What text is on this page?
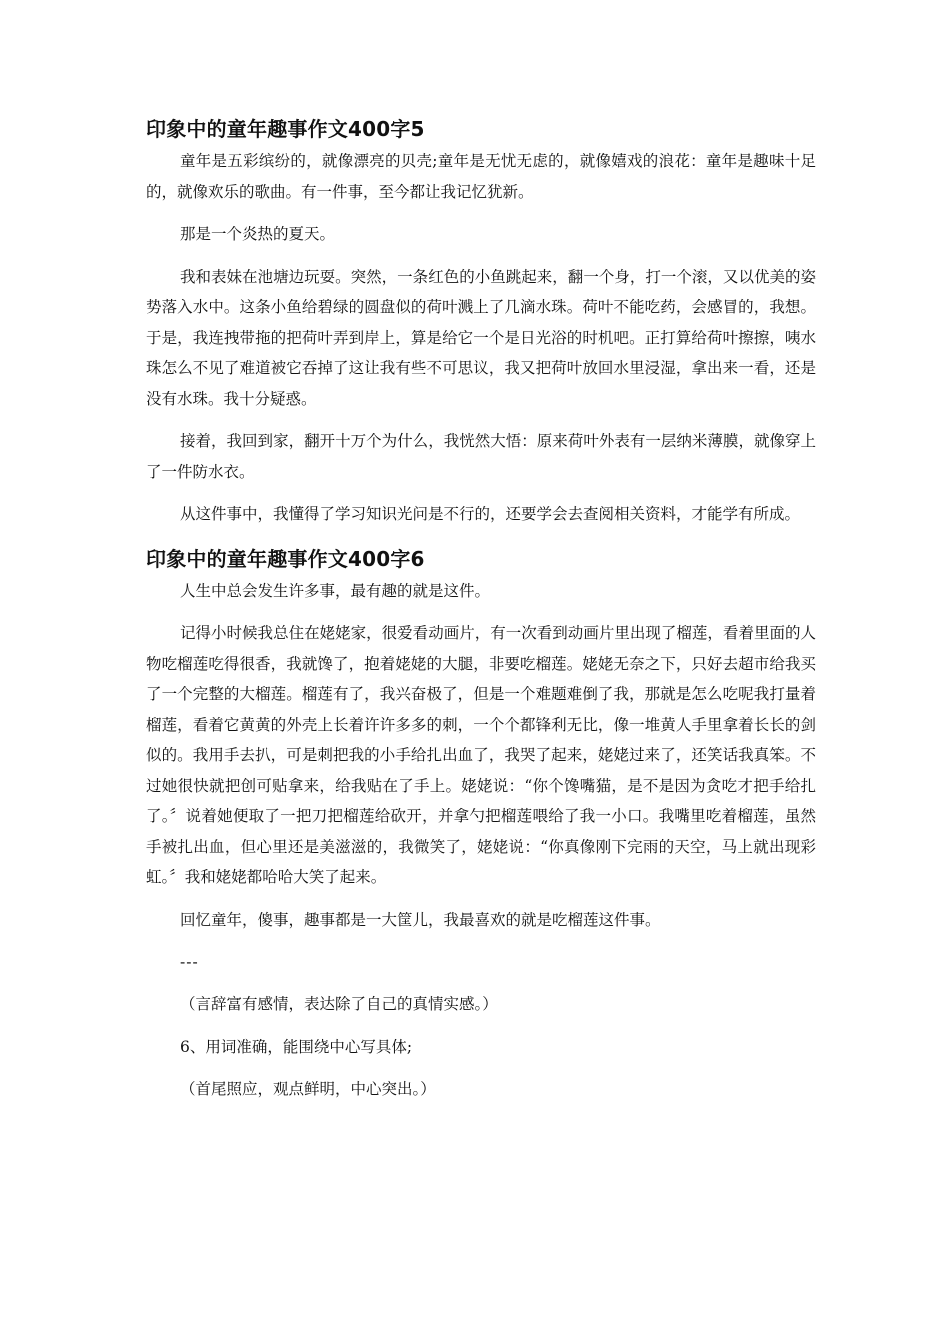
印象中的童年趣事作文400字5

童年是五彩缤纷的，就像漂亮的贝壳;童年是无忧无虑的，就像嬉戏的浪花：童年是趣味十足的，就像欢乐的歌曲。有一件事，至今都让我记忆犹新。

那是一个炎热的夏天。

我和表妹在池塘边玩耍。突然，一条红色的小鱼跳起来，翻一个身，打一个滚，又以优美的姿势落入水中。这条小鱼给碧绿的圆盘似的荷叶溅上了几滴水珠。荷叶不能吃药，会感冒的，我想。于是，我连拽带拖的把荷叶弄到岸上，算是给它一个是日光浴的时机吧。正打算给荷叶擦擦，咦水珠怎么不见了难道被它吞掉了这让我有些不可思议，我又把荷叶放回水里浸湿，拿出来一看，还是没有水珠。我十分疑惑。

接着，我回到家，翻开十万个为什么，我恍然大悟：原来荷叶外表有一层纳米薄膜，就像穿上了一件防水衣。

从这件事中，我懂得了学习知识光问是不行的，还要学会去查阅相关资料，才能学有所成。

印象中的童年趣事作文400字6

人生中总会发生许多事，最有趣的就是这件。

记得小时候我总住在姥姥家，很爱看动画片，有一次看到动画片里出现了榴莲，看着里面的人物吃榴莲吃得很香，我就馋了，抱着姥姥的大腿，非要吃榴莲。姥姥无奈之下，只好去超市给我买了一个完整的大榴莲。榴莲有了，我兴奋极了，但是一个难题难倒了我，那就是怎么吃呢我打量着榴莲，看着它黄黄的外壳上长着许许多多的刺，一个个都锋利无比，像一堆黄人手里拿着长长的剑似的。我用手去扒，可是刺把我的小手给扎出血了，我哭了起来，姥姥过来了，还笑话我真笨。不过她很快就把创可贴拿来，给我贴在了手上。姥姥说：“你个馋嘴猫，是不是因为贪吃才把手给扎了。〞说着她便取了一把刀把榴莲给砍开，并拿勺把榴莲喂给了我一小口。我嘴里吃着榴莲，虽然手被扎出血，但心里还是美滋滋的，我微笑了，姥姥说：“你真像刚下完雨的天空，马上就出现彩虹。〞我和姥姥都哈哈大笑了起来。

回忆童年，傻事，趣事都是一大筐儿，我最喜欢的就是吃榴莲这件事。

---

（言辞富有感情，表达除了自己的真情实感。）

6、用词准确，能围绕中心写具体;

（首尾照应，观点鲜明，中心突出。）
